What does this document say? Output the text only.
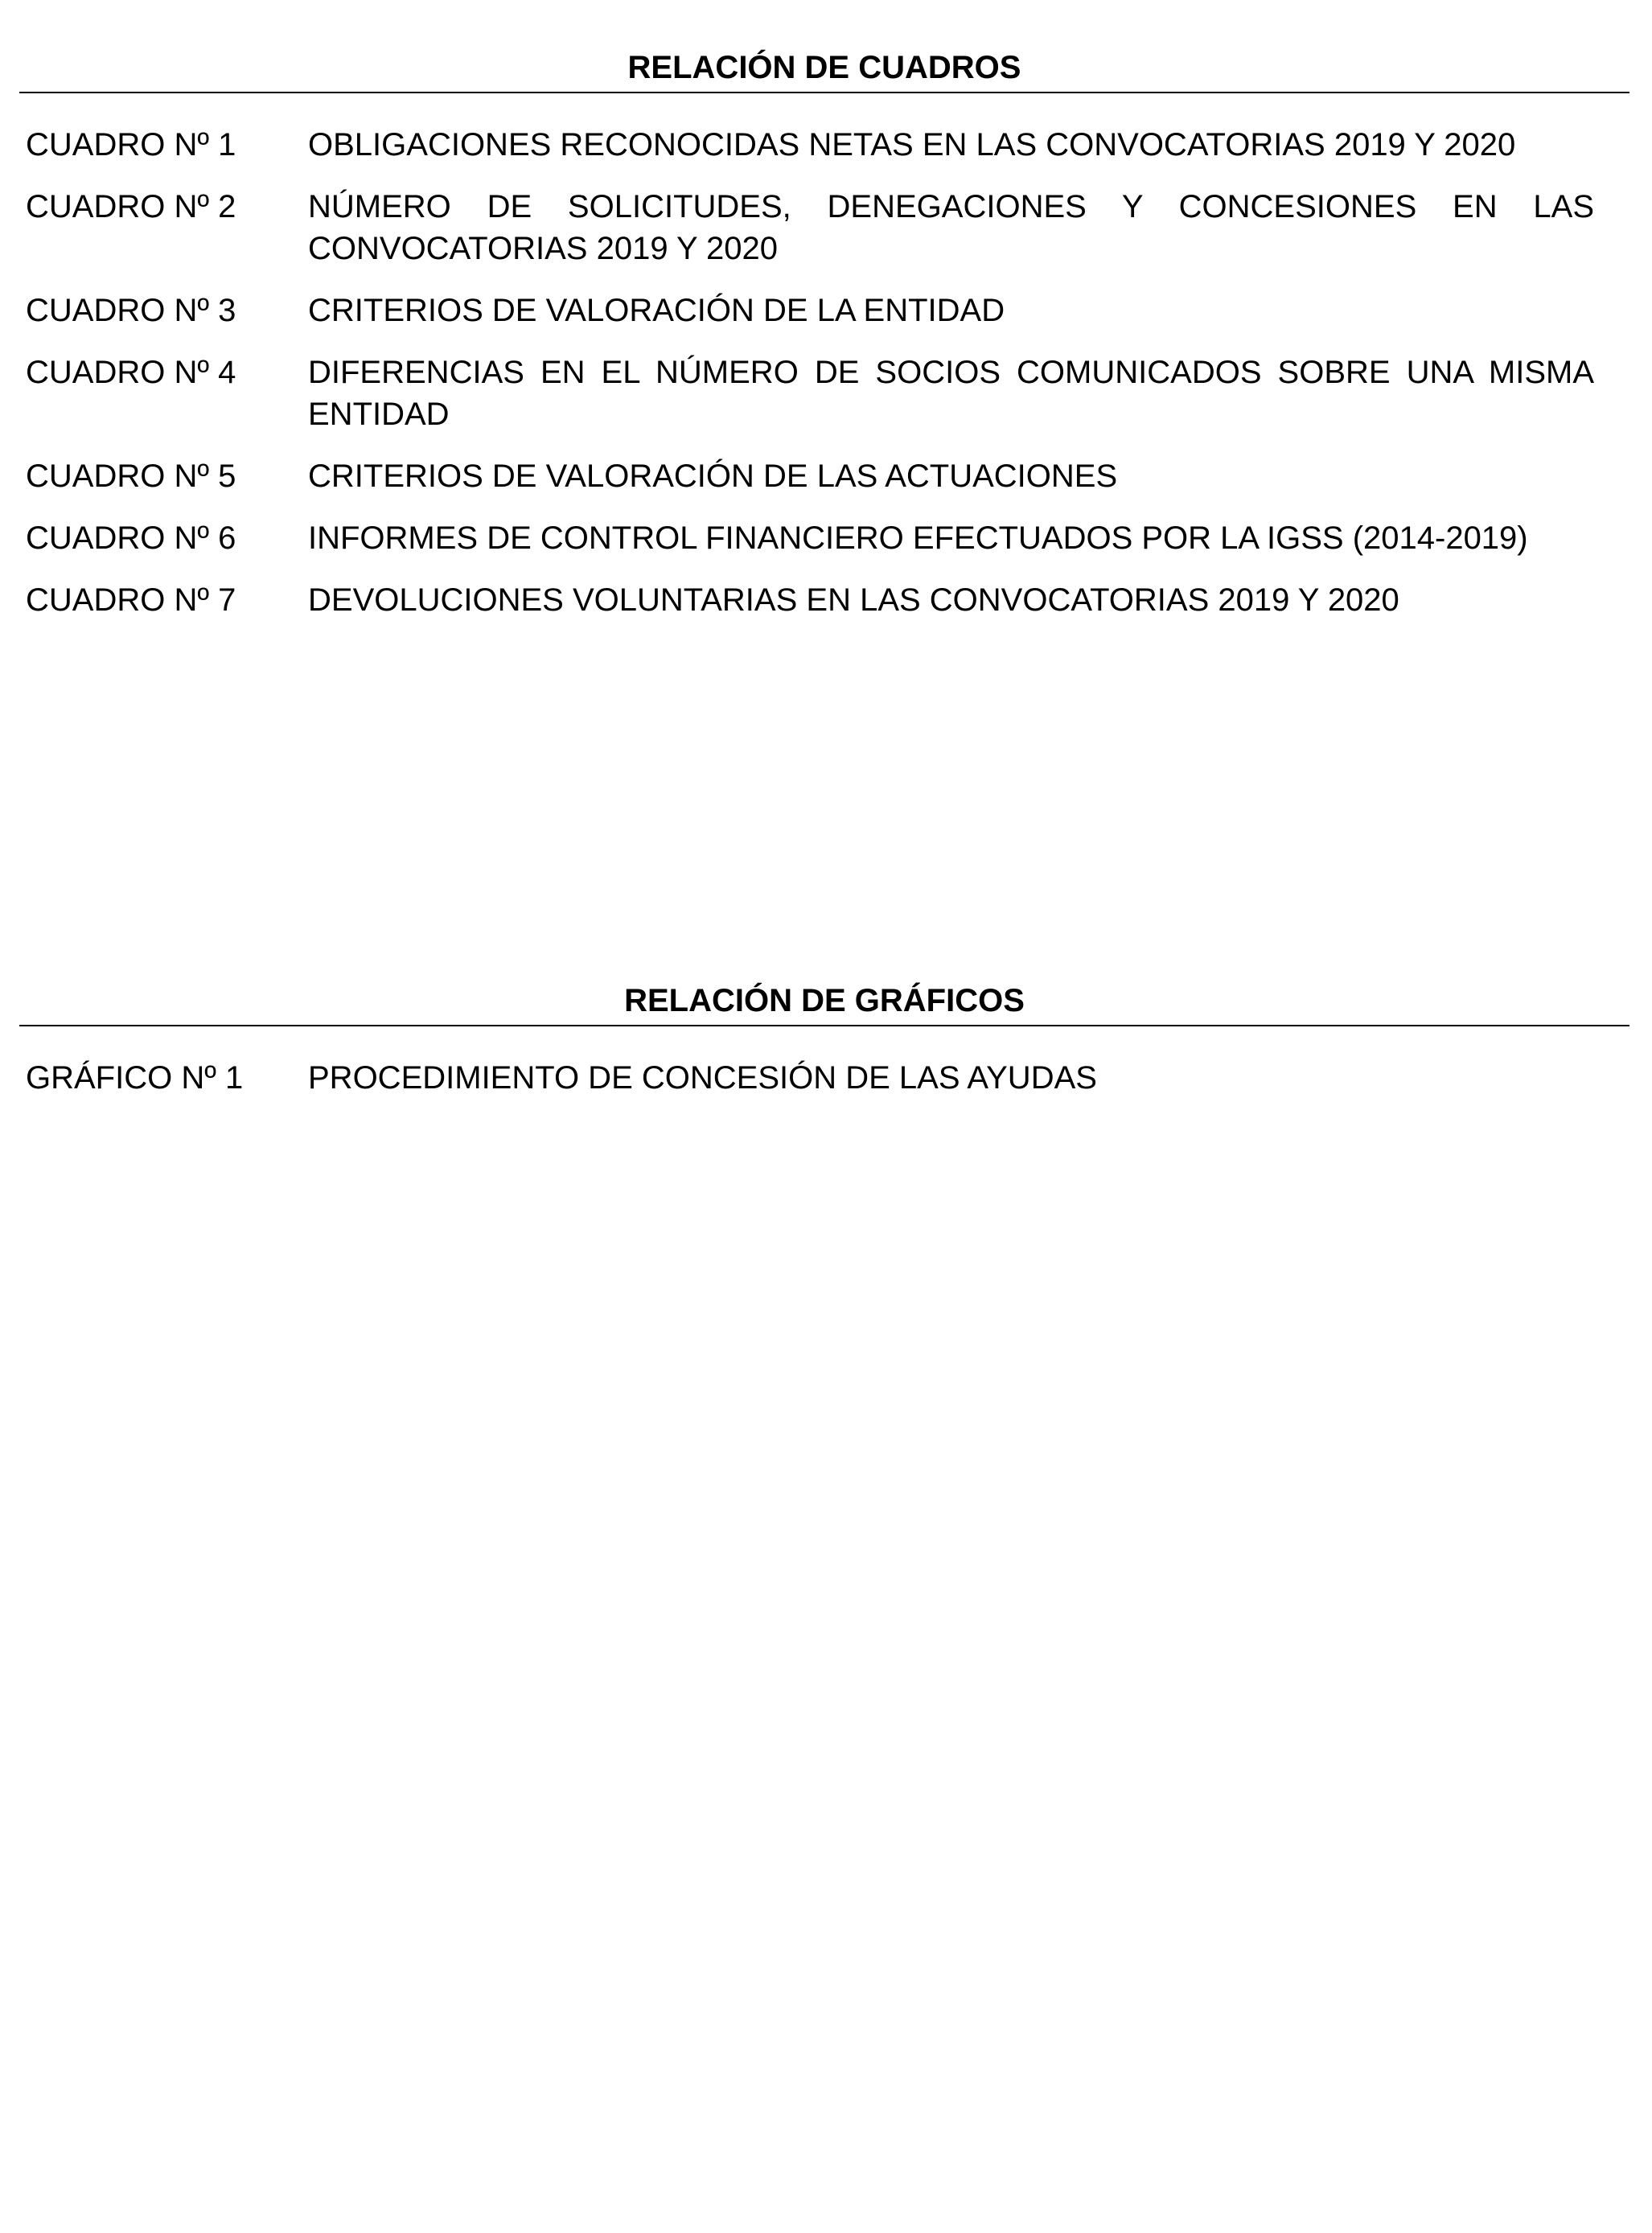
RELACIÓN DE CUADROS
CUADRO Nº 1	OBLIGACIONES RECONOCIDAS NETAS EN LAS CONVOCATORIAS 2019 Y 2020
CUADRO Nº 2	NÚMERO DE SOLICITUDES, DENEGACIONES Y CONCESIONES EN LAS CONVOCATORIAS 2019 Y 2020
CUADRO Nº 3	CRITERIOS DE VALORACIÓN DE LA ENTIDAD
CUADRO Nº 4	DIFERENCIAS EN EL NÚMERO DE SOCIOS COMUNICADOS SOBRE UNA MISMA ENTIDAD
CUADRO Nº 5	CRITERIOS DE VALORACIÓN DE LAS ACTUACIONES
CUADRO Nº 6	INFORMES DE CONTROL FINANCIERO EFECTUADOS POR LA IGSS (2014-2019)
CUADRO Nº 7	DEVOLUCIONES VOLUNTARIAS EN LAS CONVOCATORIAS 2019 Y 2020
RELACIÓN DE GRÁFICOS
GRÁFICO Nº 1	PROCEDIMIENTO DE CONCESIÓN DE LAS AYUDAS
